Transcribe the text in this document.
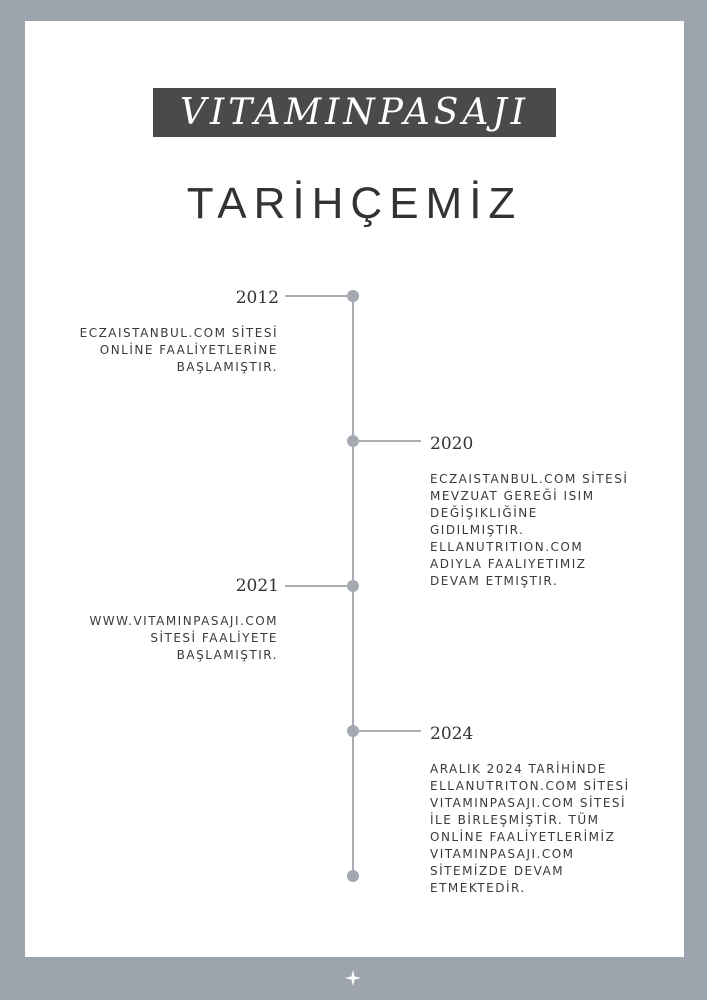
VITAMINPASAJI
TARİHÇEMİZ
2012
ECZAISTANBUL.COM SİTESİ
ONLİNE FAALİYETLERİNE
BAŞLAMIŞTIR.
2020
ECZAISTANBUL.COM SİTESİ
MEVZUAT GEREĞİ ISIM
DEĞİŞIKLIĞİNE
GIDILMIŞTIR.
ELLANUTRITION.COM
ADIYLA FAALIYETIMIZ
DEVAM ETMIŞTIR.
2021
WWW.VITAMINPASAJI.COM
SİTESİ FAALİYETE
BAŞLAMIŞTIR.
2024
ARALIK 2024 TARİHİNDE
ELLANUTRITON.COM SİTESİ
VITAMINPASAJI.COM SİTESİ
İLE BİRLEŞMİŞTİR. TÜM
ONLİNE FAALİYETLERİMİZ
VITAMINPASAJI.COM
SİTEMİZDE DEVAM
ETMEKTEDİR.
